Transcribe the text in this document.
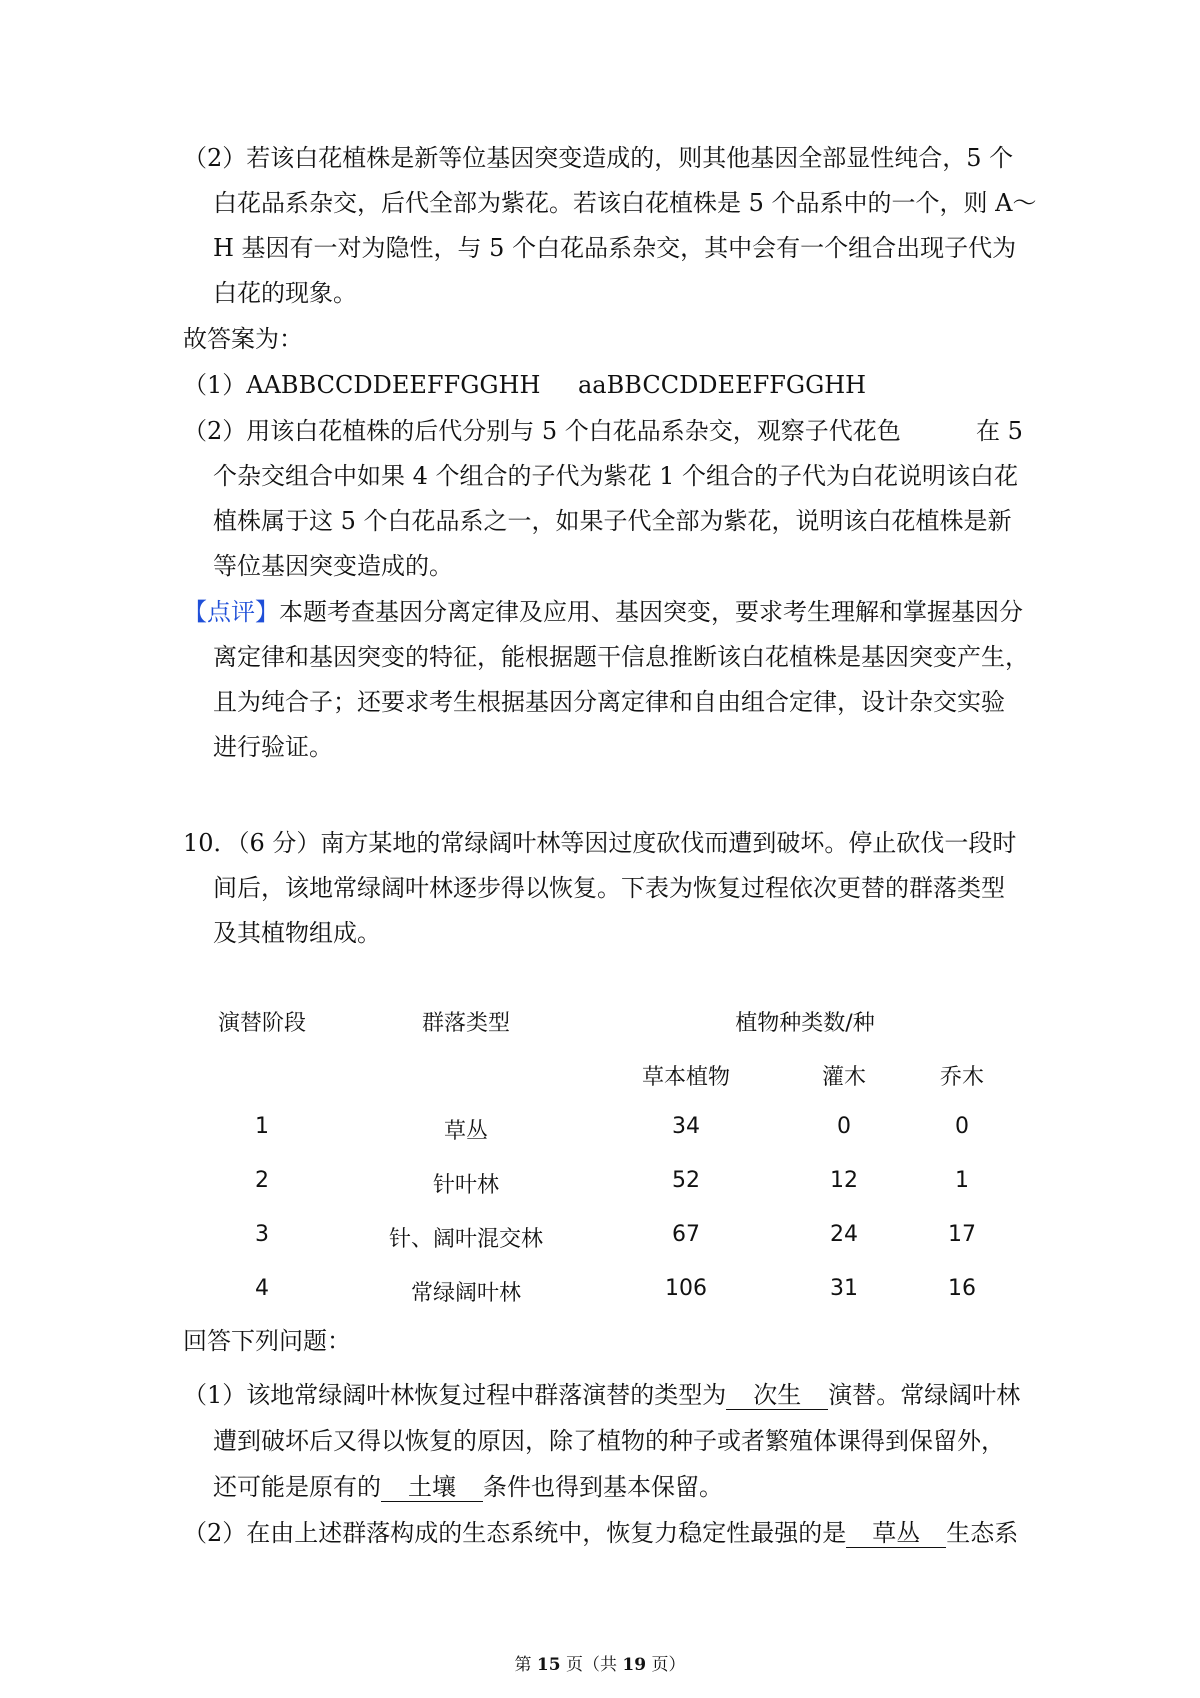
（2）若该白花植株是新等位基因突变造成的，则其他基因全部显性纯合，5 个
白花品系杂交，后代全部为紫花。若该白花植株是 5 个品系中的一个，则 A～
H 基因有一对为隐性，与 5 个白花品系杂交，其中会有一个组合出现子代为
白花的现象。
故答案为：
（1）AABBCCDDEEFFGGHH aaBBCCDDEEFFGGHH
（2）用该白花植株的后代分别与 5 个白花品系杂交，观察子代花色	在 5
个杂交组合中如果 4 个组合的子代为紫花 1 个组合的子代为白花说明该白花
植株属于这 5 个白花品系之一，如果子代全部为紫花，说明该白花植株是新
等位基因突变造成的。
【点评】本题考查基因分离定律及应用、基因突变，要求考生理解和掌握基因分
离定律和基因突变的特征，能根据题干信息推断该白花植株是基因突变产生，
且为纯合子；还要求考生根据基因分离定律和自由组合定律，设计杂交实验
进行验证。
10．（6 分）南方某地的常绿阔叶林等因过度砍伐而遭到破坏。停止砍伐一段时
间后，该地常绿阔叶林逐步得以恢复。下表为恢复过程依次更替的群落类型
及其植物组成。
演替阶段	群落类型	植物种类数/种
草本植物	灌木	乔木
1	草丛	34	0	0
2	针叶林	52	12	1
3	针、阔叶混交林	67	24	17
4	常绿阔叶林	106	31	16
回答下列问题：
（1）该地常绿阔叶林恢复过程中群落演替的类型为 次生 演替。常绿阔叶林
遭到破坏后又得以恢复的原因，除了植物的种子或者繁殖体课得到保留外，
还可能是原有的 土壤 条件也得到基本保留。
（2）在由上述群落构成的生态系统中，恢复力稳定性最强的是 草丛 生态系
第 15 页（共 19 页）
